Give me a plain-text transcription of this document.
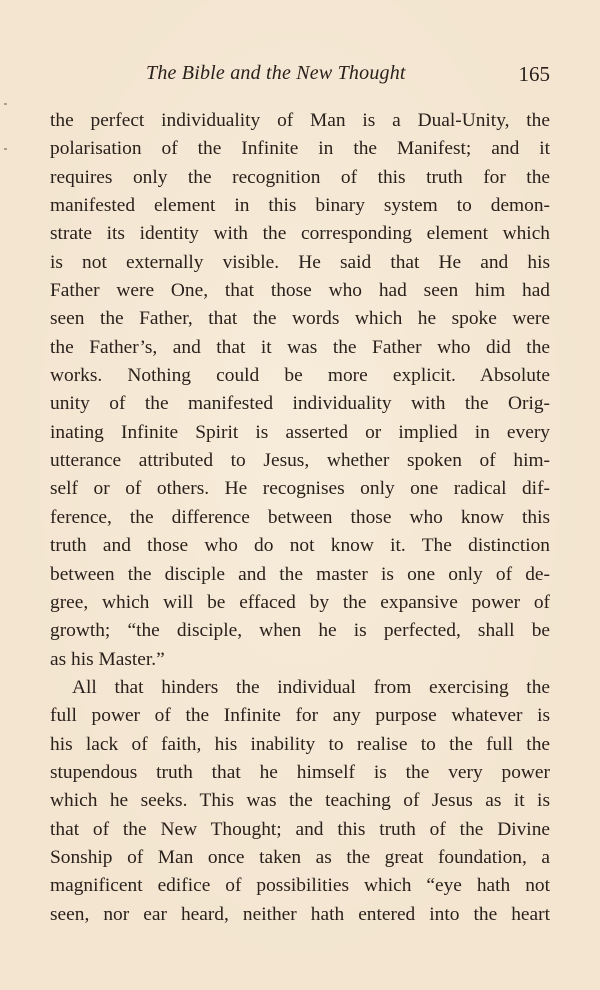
The Bible and the New Thought	165
the perfect individuality of Man is a Dual-Unity, the
polarisation of the Infinite in the Manifest; and it
requires only the recognition of this truth for the
manifested element in this binary system to demon-
strate its identity with the corresponding element which
is not externally visible. He said that He and his
Father were One, that those who had seen him had
seen the Father, that the words which he spoke were
the Father’s, and that it was the Father who did the
works. Nothing could be more explicit. Absolute
unity of the manifested individuality with the Orig-
inating Infinite Spirit is asserted or implied in every
utterance attributed to Jesus, whether spoken of him-
self or of others. He recognises only one radical dif-
ference, the difference between those who know this
truth and those who do not know it. The distinction
between the disciple and the master is one only of de-
gree, which will be effaced by the expansive power of
growth; “the disciple, when he is perfected, shall be
as his Master.”
All that hinders the individual from exercising the
full power of the Infinite for any purpose whatever is
his lack of faith, his inability to realise to the full the
stupendous truth that he himself is the very power
which he seeks. This was the teaching of Jesus as it is
that of the New Thought; and this truth of the Divine
Sonship of Man once taken as the great foundation, a
magnificent edifice of possibilities which “eye hath not
seen, nor ear heard, neither hath entered into the heart
